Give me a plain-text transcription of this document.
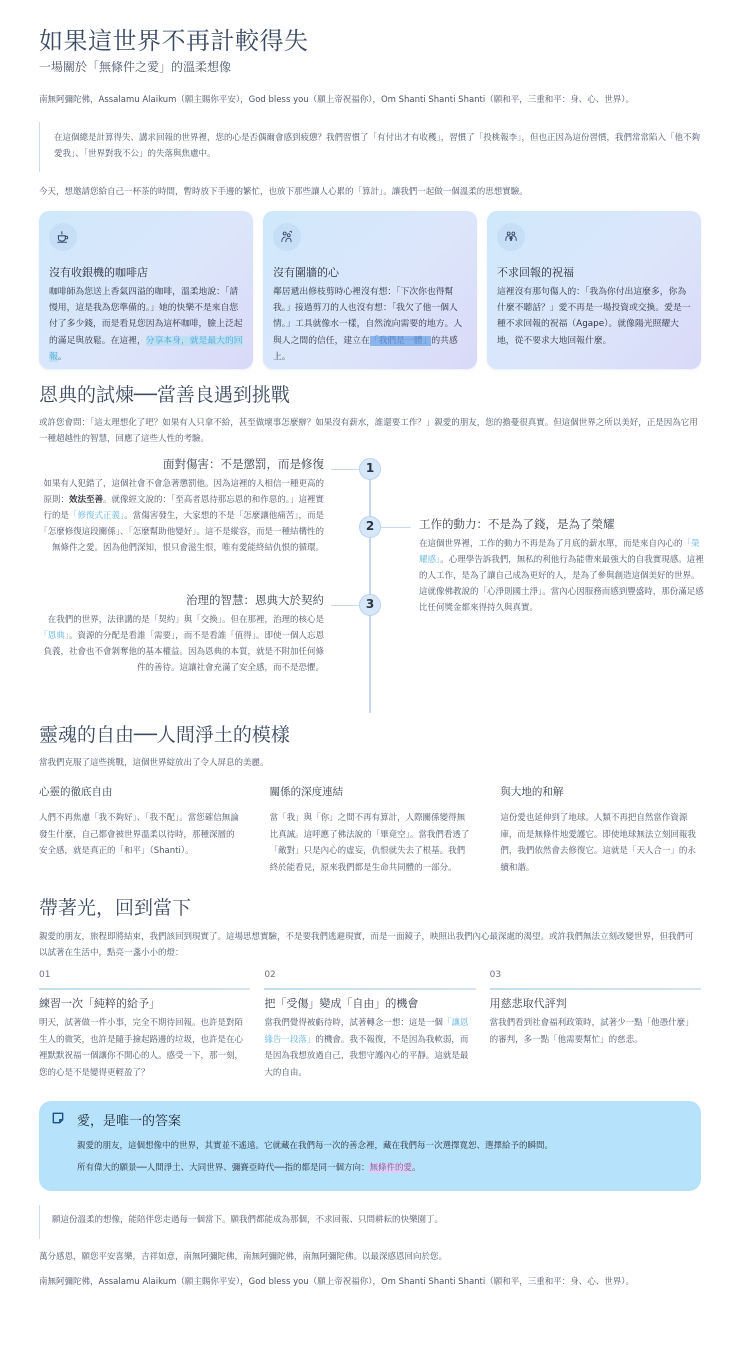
如果這世界不再計較得失
一場關於「無條件之愛」的溫柔想像

南無阿彌陀佛，Assalamu Alaikum（願主賜你平安），God bless you（願上帝祝福你），Om Shanti Shanti Shanti（願和平，三重和平：身、心、世界）。

在這個總是計算得失、講求回報的世界裡，您的心是否偶爾會感到疲憊？我們習慣了「有付出才有收穫」，習慣了「投桃報李」，但也正因為這份習慣，我們常常陷入「他不夠愛我」、「世界對我不公」的失落與焦慮中。

今天，想邀請您給自己一杯茶的時間，暫時放下手邊的繁忙，也放下那些讓人心累的「算計」。讓我們一起做一個溫柔的思想實驗。

沒有收銀機的咖啡店
咖啡師為您送上香氣四溢的咖啡，溫柔地說：「請慢用，這是我為您準備的。」她的快樂不是來自您付了多少錢，而是看見您因為這杯咖啡，臉上泛起的滿足與放鬆。在這裡，分享本身，就是最大的回報。
沒有圍牆的心
鄰居遞出修枝剪時心裡沒有想：「下次你也得幫我。」接過剪刀的人也沒有想：「我欠了他一個人情。」工具就像水一樣，自然流向需要的地方。人與人之間的信任，建立在「我們是一體」的共感上。
不求回報的祝福
這裡沒有那句傷人的：「我為你付出這麼多，你為什麼不聽話？」愛不再是一場投資或交換。愛是一種不求回報的祝福（Agape）。就像陽光照耀大地，從不要求大地回報什麼。
恩典的試煉──當善良遇到挑戰

或許您會問：「這太理想化了吧？如果有人只拿不給，甚至做壞事怎麼辦？如果沒有薪水，誰還要工作？」親愛的朋友，您的擔憂很真實。但這個世界之所以美好，正是因為它用一種超越性的智慧，回應了這些人性的考驗。

1
面對傷害：不是懲罰，而是修復
如果有人犯錯了，這個社會不會急著懲罰他。因為這裡的人相信一種更高的原則：效法至善。就像經文說的：「至高者恩待那忘恩的和作惡的。」這裡實行的是「修復式正義」。當傷害發生，大家想的不是「怎麼讓他痛苦」，而是「怎麼修復這段關係」、「怎麼幫助他變好」。這不是縱容，而是一種結構性的無條件之愛。因為他們深知，恨只會滋生恨，唯有愛能終結仇恨的循環。
2	工作的動力：不是為了錢，是為了榮耀
在這個世界裡，工作的動力不再是為了月底的薪水單，而是來自內心的「榮耀感」。心理學告訴我們，無私的利他行為能帶來最強大的自我實現感。這裡的人工作，是為了讓自己成為更好的人，是為了參與創造這個美好的世界。這就像佛教說的「心淨則國土淨」。當內心因服務而感到豐盛時，那份滿足感比任何獎金都來得持久與真實。
3
治理的智慧：恩典大於契約
在我們的世界，法律講的是「契約」與「交換」。但在那裡，治理的核心是「恩典」。資源的分配是看誰「需要」，而不是看誰「值得」。即使一個人忘恩負義，社會也不會剝奪他的基本權益。因為恩典的本質，就是不附加任何條件的善待。這讓社會充滿了安全感，而不是恐懼。
靈魂的自由──人間淨土的模樣

當我們克服了這些挑戰，這個世界綻放出了令人屏息的美麗。

心靈的徹底自由
人們不再焦慮「我不夠好」、「我不配」。當您確信無論發生什麼，自己都會被世界溫柔以待時，那種深層的安全感，就是真正的「和平」（Shanti）。
關係的深度連結
當「我」與「你」之間不再有算計，人際關係變得無比真誠。這呼應了佛法說的「畢竟空」。當我們看透了「敵對」只是內心的虛妄，仇恨就失去了根基。我們終於能看見，原來我們都是生命共同體的一部分。
與大地的和解
這份愛也延伸到了地球。人類不再把自然當作資源庫，而是無條件地愛護它。即使地球無法立刻回報我們，我們依然會去修復它。這就是「天人合一」的永續和諧。
帶著光，回到當下

親愛的朋友，旅程即將結束，我們該回到現實了。這場思想實驗，不是要我們逃避現實，而是一面鏡子，映照出我們內心最深處的渴望。或許我們無法立刻改變世界，但我們可以試著在生活中，點亮一盞小小的燈：

01
練習一次「純粹的給予」
明天，試著做一件小事，完全不期待回報。也許是對陌生人的微笑，也許是隨手撿起路邊的垃圾，也許是在心裡默默祝福一個讓你不開心的人。感受一下，那一刻，您的心是不是變得更輕盈了？
02
把「受傷」變成「自由」的機會
當我們覺得被虧待時，試著轉念一想：這是一個「讓恩緣告一段落」的機會。我不報復，不是因為我軟弱，而是因為我想放過自己，我想守護內心的平靜。這就是最大的自由。
03
用慈悲取代評判
當我們看到社會福利政策時，試著少一點「他憑什麼」的審判，多一點「他需要幫忙」的慈悲。
愛，是唯一的答案

親愛的朋友，這個想像中的世界，其實並不遙遠。它就藏在我們每一次的善念裡，藏在我們每一次選擇寬恕、選擇給予的瞬間。

所有偉大的願景──人間淨土、大同世界、彌賽亞時代──指的都是同一個方向：無條件的愛。

願這份溫柔的想像，能陪伴您走過每一個當下。願我們都能成為那個，不求回報、只問耕耘的快樂園丁。

萬分感恩，願您平安喜樂，吉祥如意，南無阿彌陀佛，南無阿彌陀佛，南無阿彌陀佛。以最深感恩回向於您。

南無阿彌陀佛，Assalamu Alaikum（願主賜你平安），God bless you（願上帝祝福你），Om Shanti Shanti Shanti（願和平，三重和平：身、心、世界）。
